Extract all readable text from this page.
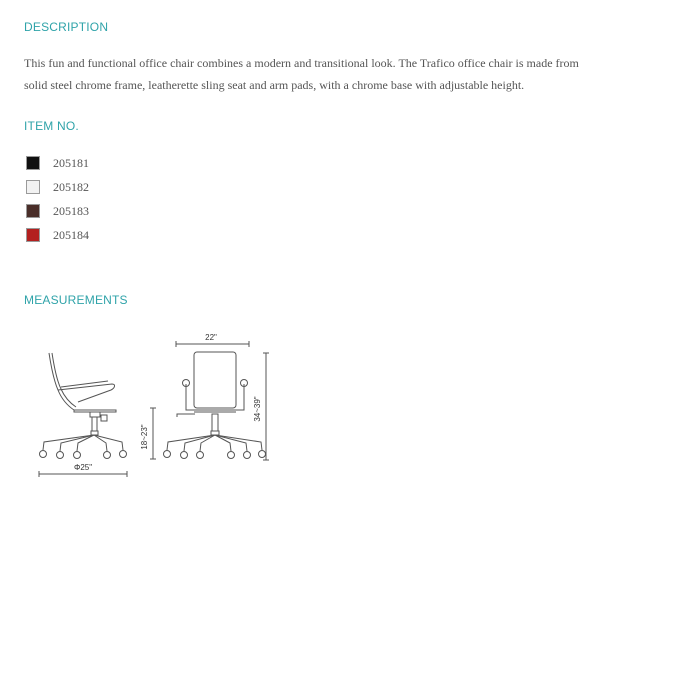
DESCRIPTION
This fun and functional office chair combines a modern and transitional look. The Trafico office chair is made from
solid steel chrome frame, leatherette sling seat and arm pads, with a chrome base with adjustable height.
ITEM NO.
205181
205182
205183
205184
MEASUREMENTS
Φ25"
22"
18~23"
34~39"
